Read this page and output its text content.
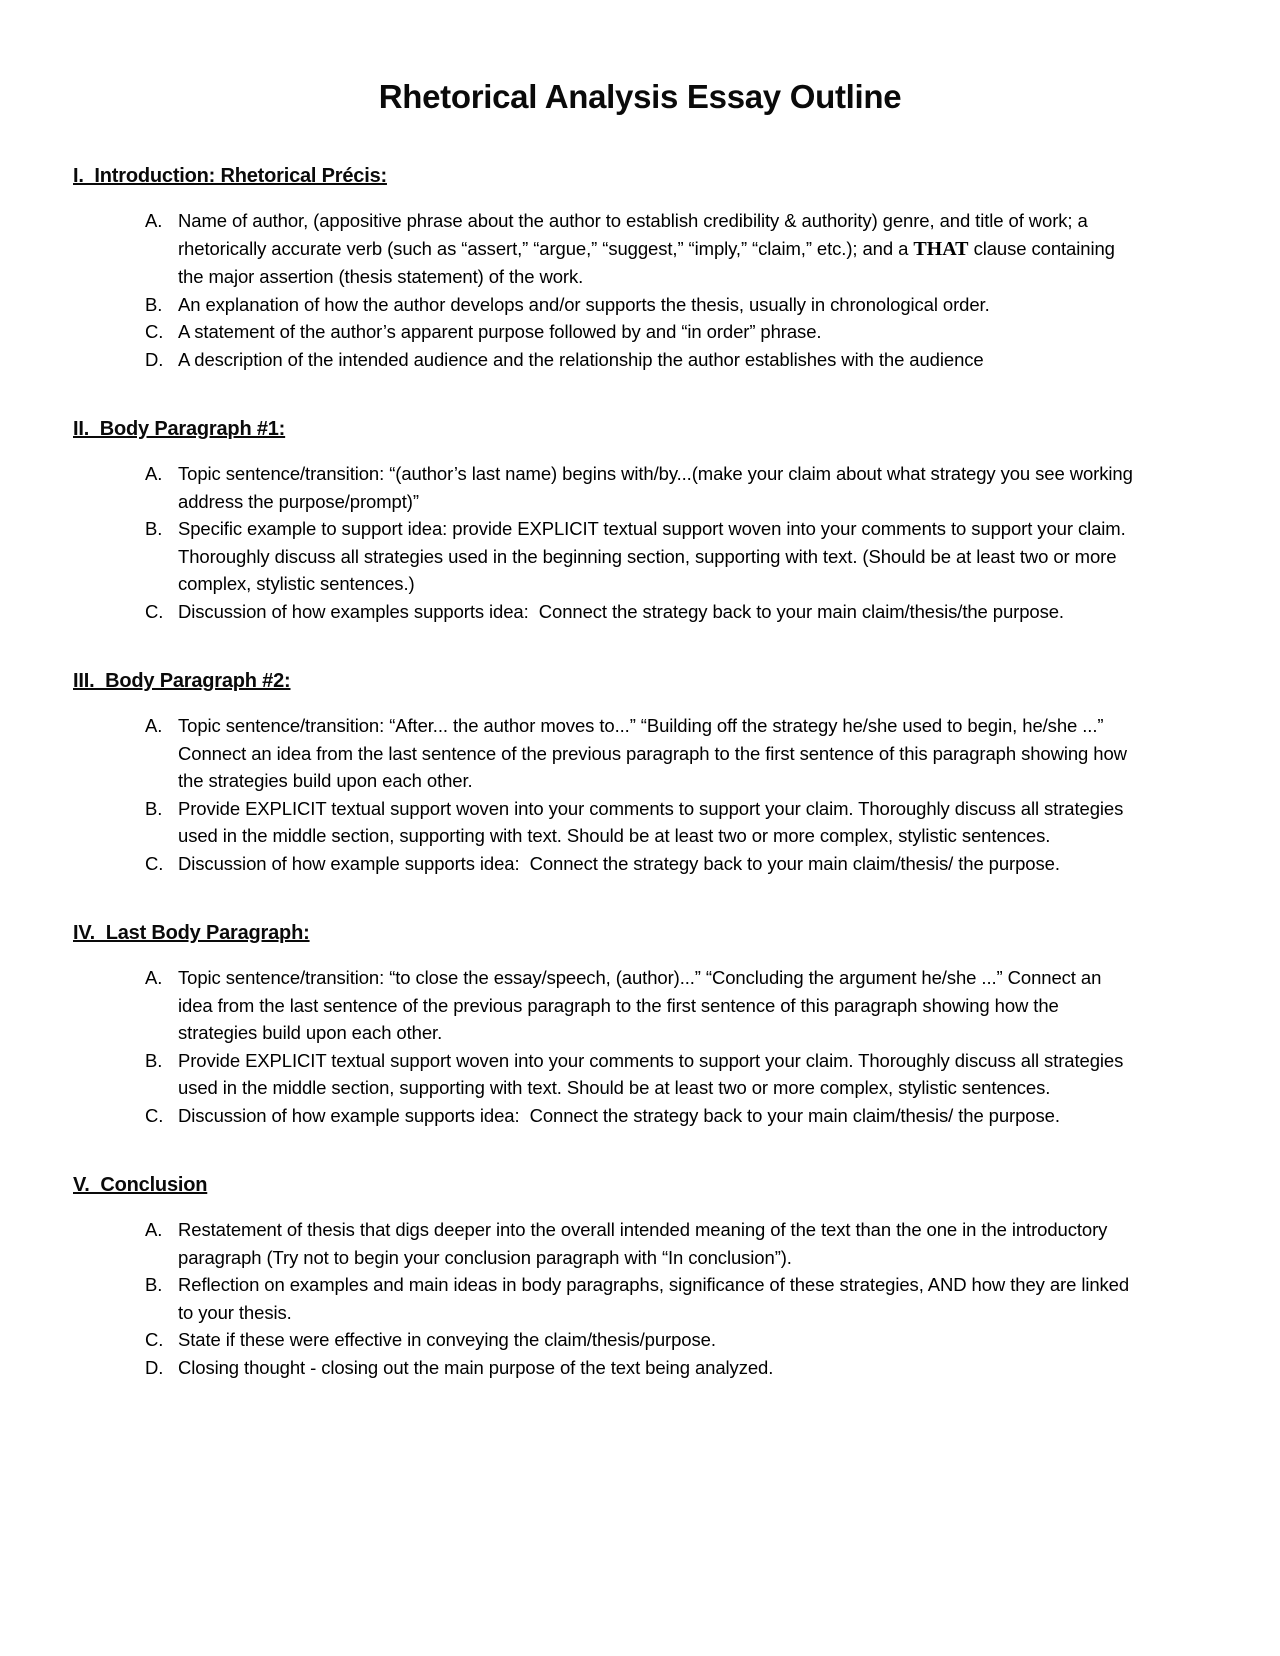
Rhetorical Analysis Essay Outline
I.  Introduction: Rhetorical Précis:
A. Name of author, (appositive phrase about the author to establish credibility & authority) genre, and title of work; a rhetorically accurate verb (such as “assert,” “argue,” “suggest,” “imply,” “claim,” etc.); and a THAT clause containing the major assertion (thesis statement) of the work.
B. An explanation of how the author develops and/or supports the thesis, usually in chronological order.
C. A statement of the author’s apparent purpose followed by and “in order” phrase.
D. A description of the intended audience and the relationship the author establishes with the audience
II.  Body Paragraph #1:
A. Topic sentence/transition: “(author’s last name) begins with/by...(make your claim about what strategy you see working address the purpose/prompt)”
B. Specific example to support idea: provide EXPLICIT textual support woven into your comments to support your claim. Thoroughly discuss all strategies used in the beginning section, supporting with text. (Should be at least two or more complex, stylistic sentences.)
C. Discussion of how examples supports idea:  Connect the strategy back to your main claim/thesis/the purpose.
III.  Body Paragraph #2:
A. Topic sentence/transition: “After... the author moves to...” “Building off the strategy he/she used to begin, he/she ...” Connect an idea from the last sentence of the previous paragraph to the first sentence of this paragraph showing how the strategies build upon each other.
B. Provide EXPLICIT textual support woven into your comments to support your claim. Thoroughly discuss all strategies used in the middle section, supporting with text. Should be at least two or more complex, stylistic sentences.
C. Discussion of how example supports idea:  Connect the strategy back to your main claim/thesis/ the purpose.
IV.  Last Body Paragraph:
A. Topic sentence/transition: “to close the essay/speech, (author)...” “Concluding the argument he/she ...” Connect an idea from the last sentence of the previous paragraph to the first sentence of this paragraph showing how the strategies build upon each other.
B. Provide EXPLICIT textual support woven into your comments to support your claim. Thoroughly discuss all strategies used in the middle section, supporting with text. Should be at least two or more complex, stylistic sentences.
C. Discussion of how example supports idea:  Connect the strategy back to your main claim/thesis/ the purpose.
V.  Conclusion
A. Restatement of thesis that digs deeper into the overall intended meaning of the text than the one in the introductory paragraph (Try not to begin your conclusion paragraph with “In conclusion”).
B. Reflection on examples and main ideas in body paragraphs, significance of these strategies, AND how they are linked to your thesis.
C. State if these were effective in conveying the claim/thesis/purpose.
D. Closing thought - closing out the main purpose of the text being analyzed.
